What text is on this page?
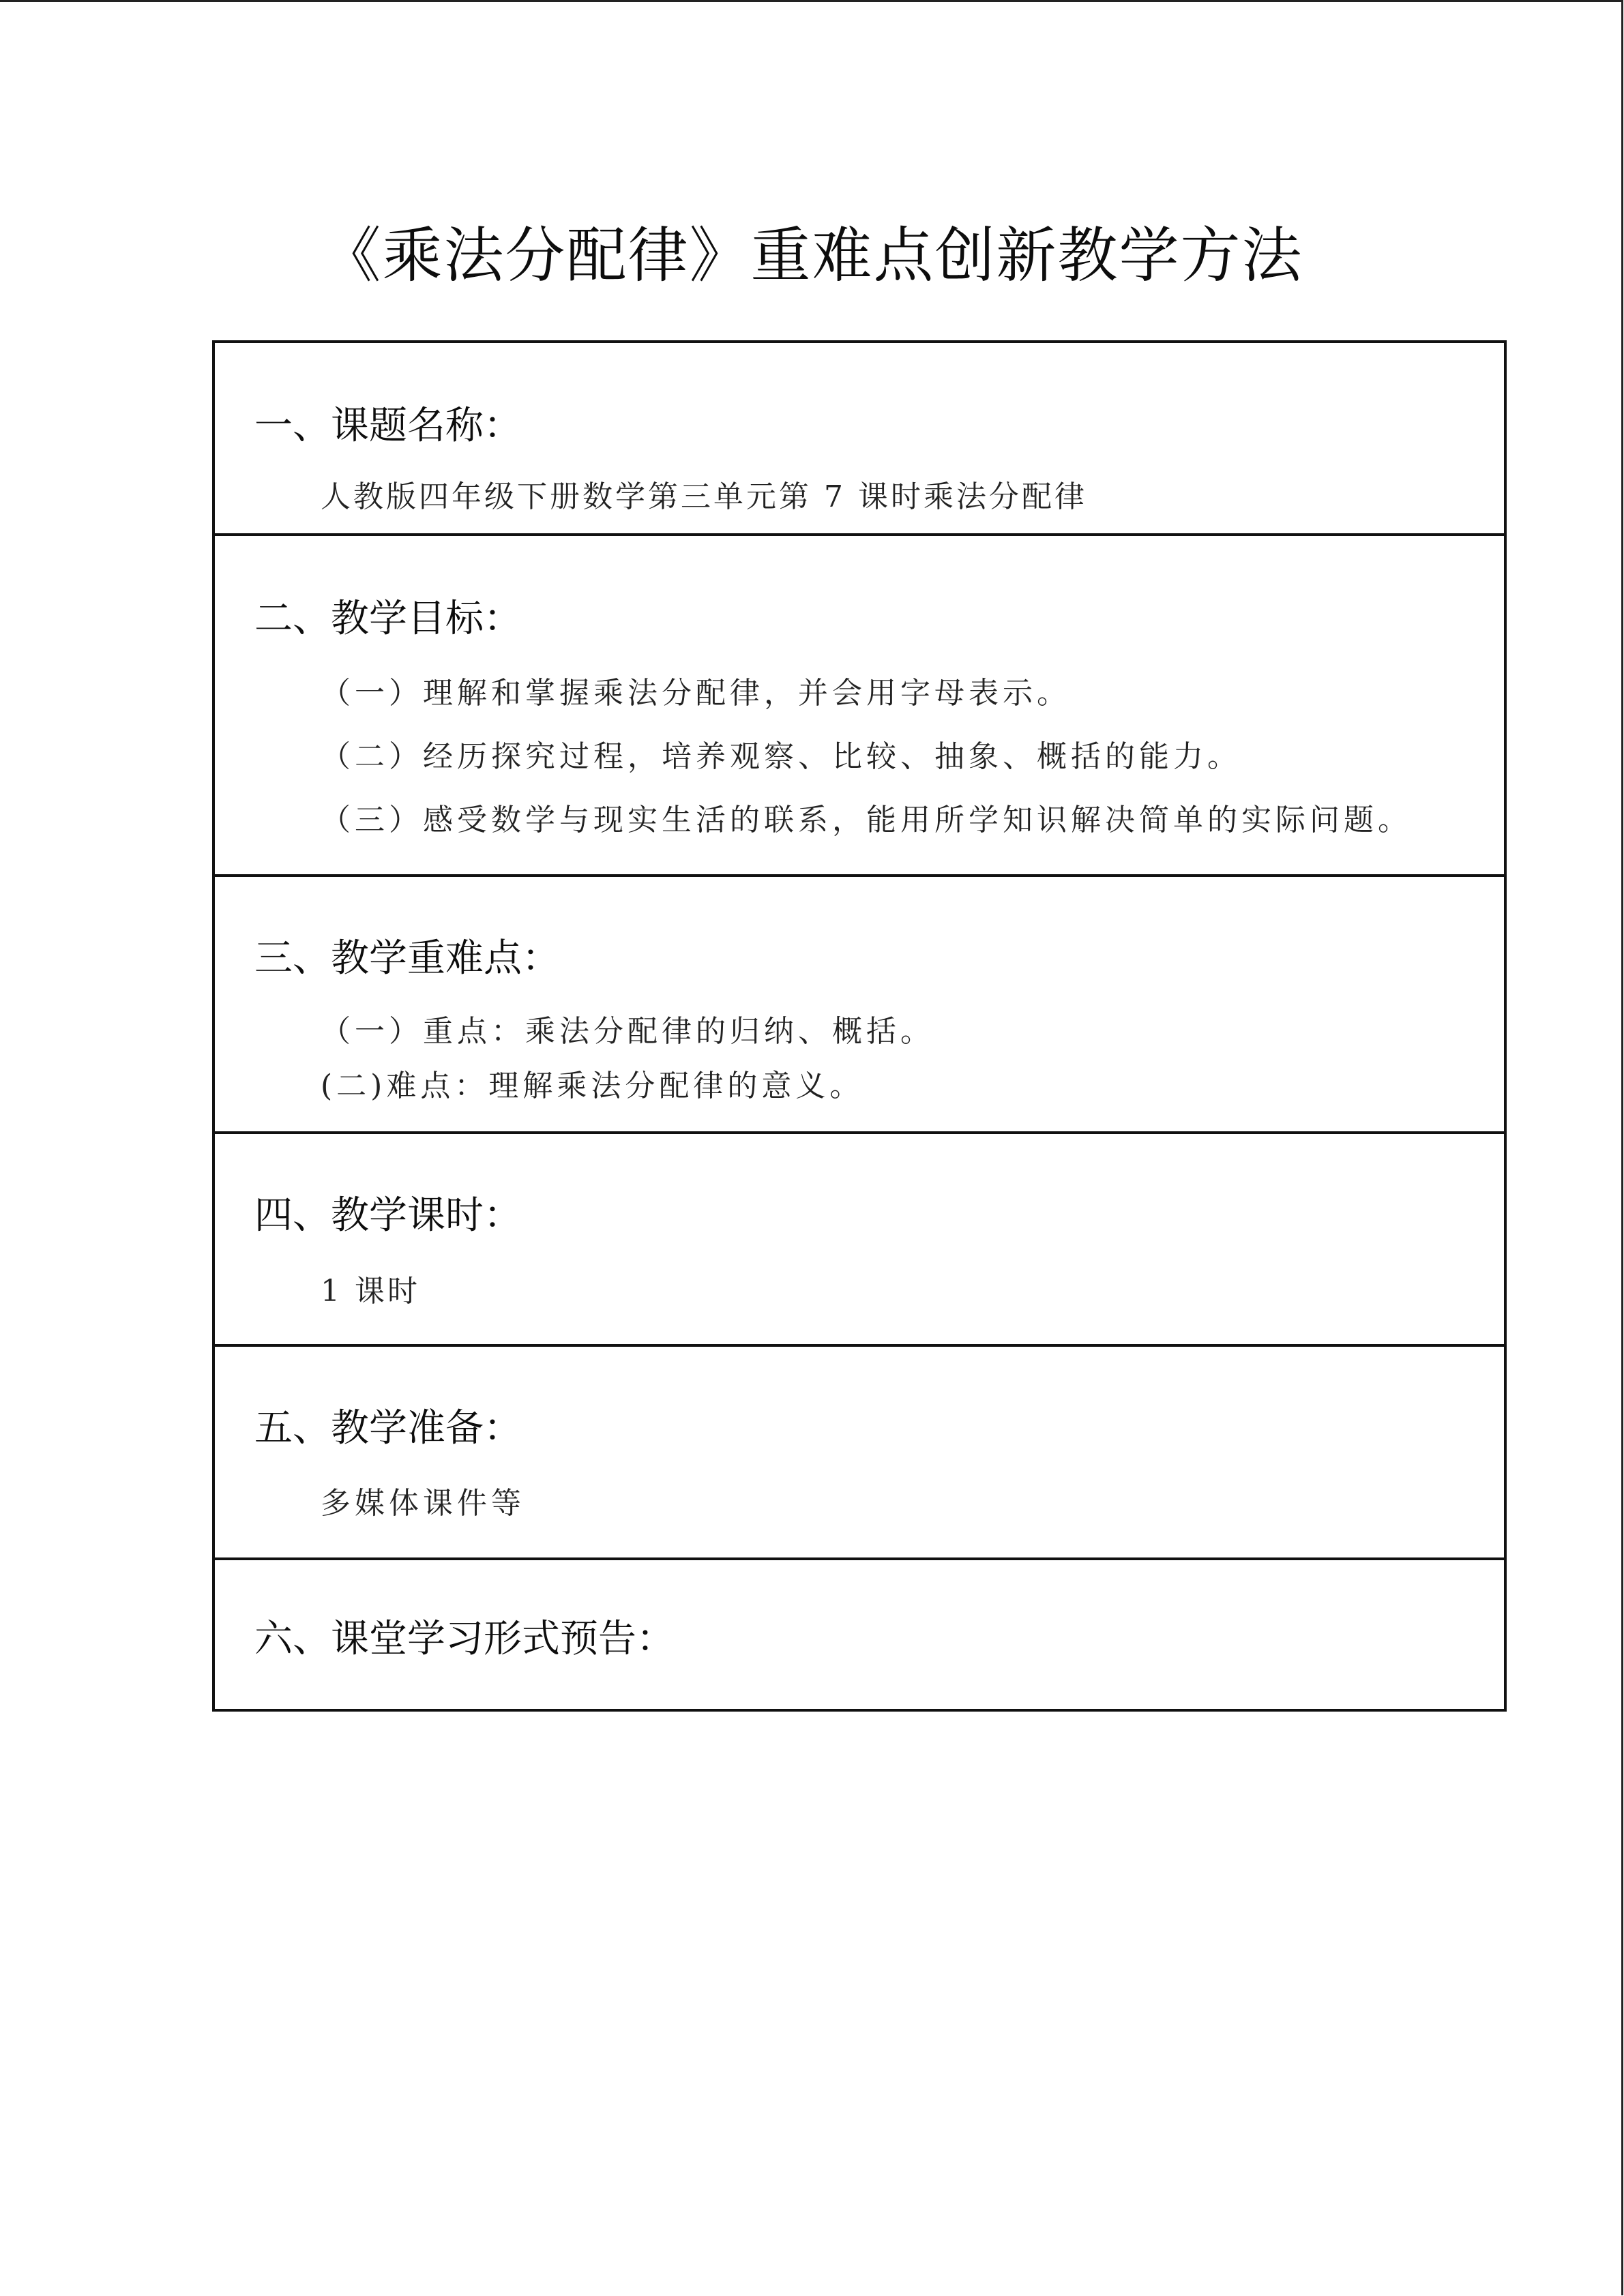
《乘法分配律》重难点创新教学方法
一、课题名称：
人教版四年级下册数学第三单元第 7 课时乘法分配律
二、教学目标：
（一）理解和掌握乘法分配律，并会用字母表示。
（二）经历探究过程，培养观察、比较、抽象、概括的能力。
（三）感受数学与现实生活的联系，能用所学知识解决简单的实际问题。
三、教学重难点：
（一）重点：乘法分配律的归纳、概括。
(二)难点：理解乘法分配律的意义。
四、教学课时：
1 课时
五、教学准备：
多媒体课件等
六、课堂学习形式预告：
